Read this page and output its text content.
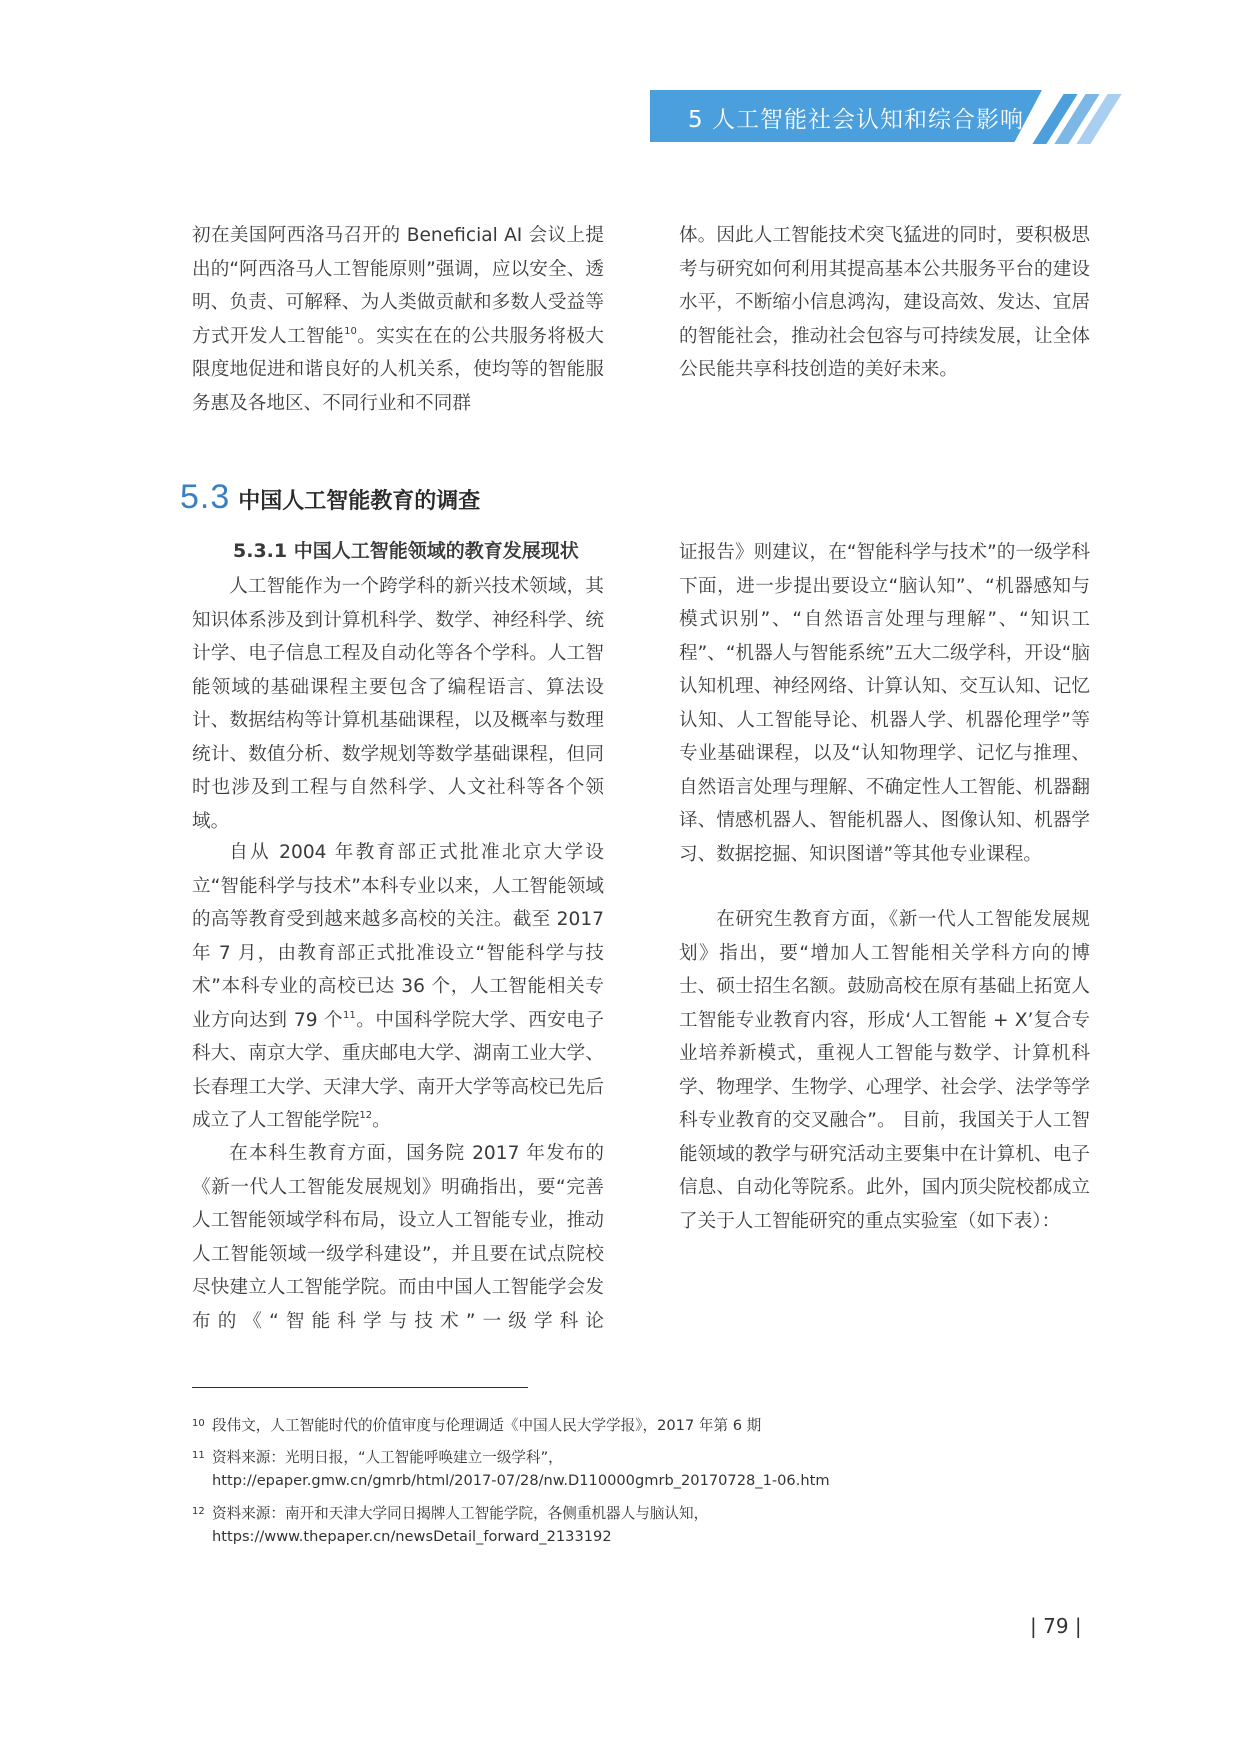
5 人工智能社会认知和综合影响

初在美国阿西洛马召开的 Beneficial AI 会议上提出的“阿西洛马人工智能原则”强调，应以安全、透明、负责、可解释、为人类做贡献和多数人受益等方式开发人工智能$^{10}$。实实在在的公共服务将极大限度地促进和谐良好的人机关系，使均等的智能服务惠及各地区、不同行业和不同群

体。因此人工智能技术突飞猛进的同时，要积极思考与研究如何利用其提高基本公共服务平台的建设水平，不断缩小信息鸿沟，建设高效、发达、宜居的智能社会，推动社会包容与可持续发展，让全体公民能共享科技创造的美好未来。

5.3 中国人工智能教育的调查
5.3.1 中国人工智能领域的教育发展现状

人工智能作为一个跨学科的新兴技术领域，其知识体系涉及到计算机科学、数学、神经科学、统计学、电子信息工程及自动化等各个学科。人工智能领域的基础课程主要包含了编程语言、算法设计、数据结构等计算机基础课程，以及概率与数理统计、数值分析、数学规划等数学基础课程，但同时也涉及到工程与自然科学、人文社科等各个领域。

自从 2004 年教育部正式批准北京大学设立“智能科学与技术”本科专业以来，人工智能领域的高等教育受到越来越多高校的关注。截至 2017 年 7 月，由教育部正式批准设立“智能科学与技术”本科专业的高校已达 36 个，人工智能相关专业方向达到 79 个$^{11}$。中国科学院大学、西安电子科大、南京大学、重庆邮电大学、湖南工业大学、长春理工大学、天津大学、南开大学等高校已先后成立了人工智能学院$^{12}$。

在本科生教育方面，国务院 2017 年发布的《新一代人工智能发展规划》明确指出，要“完善人工智能领域学科布局，设立人工智能专业，推动人工智能领域一级学科建设”，并且要在试点院校尽快建立人工智能学院。而由中国人工智能学会发布的《“智能科学与技术”一级学科论

证报告》则建议，在“智能科学与技术”的一级学科下面，进一步提出要设立“脑认知”、“机器感知与模式识别”、“自然语言处理与理解”、“知识工程”、“机器人与智能系统”五大二级学科，开设“脑认知机理、神经网络、计算认知、交互认知、记忆认知、人工智能导论、机器人学、机器伦理学”等专业基础课程，以及“认知物理学、记忆与推理、自然语言处理与理解、不确定性人工智能、机器翻译、情感机器人、智能机器人、图像认知、机器学习、数据挖掘、知识图谱”等其他专业课程。

在研究生教育方面，《新一代人工智能发展规划》指出，要“增加人工智能相关学科方向的博士、硕士招生名额。鼓励高校在原有基础上拓宽人工智能专业教育内容，形成‘人工智能 + X’复合专业培养新模式，重视人工智能与数学、计算机科学、物理学、生物学、心理学、社会学、法学等学科专业教育的交叉融合”。 目前，我国关于人工智能领域的教学与研究活动主要集中在计算机、电子信息、自动化等院系。此外，国内顶尖院校都成立了关于人工智能研究的重点实验室（如下表）：

10 段伟文，人工智能时代的价值审度与伦理调适《中国人民大学学报》，2017 年第 6 期
11 资料来源：光明日报，“人工智能呼唤建立一级学科”，
http://epaper.gmw.cn/gmrb/html/2017-07/28/nw.D110000gmrb_20170728_1-06.htm
12 资料来源：南开和天津大学同日揭牌人工智能学院，各侧重机器人与脑认知，
https://www.thepaper.cn/newsDetail_forward_2133192
| 79 |
